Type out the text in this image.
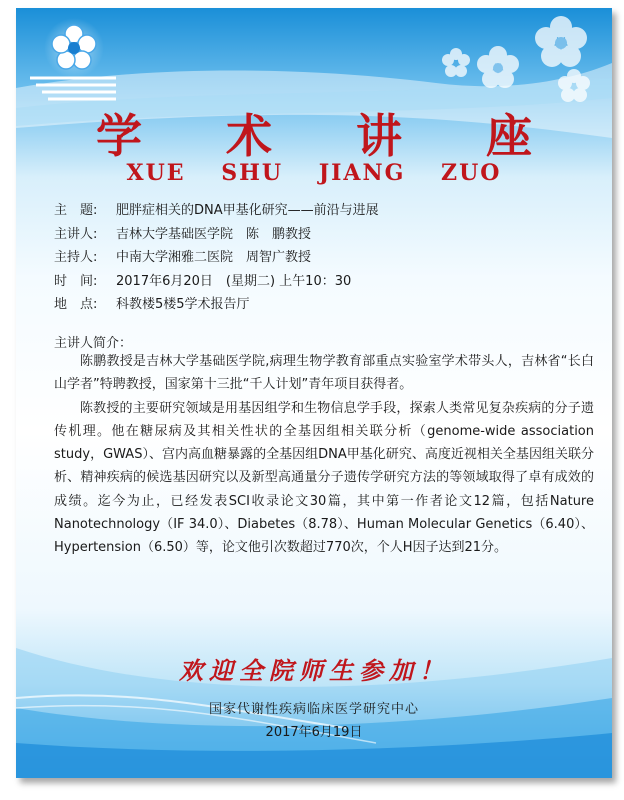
学 术 讲 座
XUE SHU JIANG ZUO
主　题: 肥胖症相关的DNA甲基化研究——前沿与进展
主讲人: 吉林大学基础医学院　陈　鹏教授
主持人: 中南大学湘雅二医院　周智广教授
时　间: 2017年6月20日　(星期二) 上午10：30
地　点: 科教楼5楼5学术报告厅
主讲人简介：

陈鹏教授是吉林大学基础医学院,病理生物学教育部重点实验室学术带头人，吉林省“长白山学者”特聘教授，国家第十三批“千人计划”青年项目获得者。

陈教授的主要研究领域是用基因组学和生物信息学手段，探索人类常见复杂疾病的分子遗传机理。他在糖尿病及其相关性状的全基因组相关联分析（genome-wide association study，GWAS）、宫内高血糖暴露的全基因组DNA甲基化研究、高度近视相关全基因组关联分析、精神疾病的候选基因研究以及新型高通量分子遗传学研究方法的等领域取得了卓有成效的成绩。迄今为止，已经发表SCI收录论文30篇，其中第一作者论文12篇，包括Nature Nanotechnology（IF 34.0）、Diabetes（8.78）、Human Molecular Genetics（6.40）、Hypertension（6.50）等，论文他引次数超过770次，个人H因子达到21分。

欢迎全院师生参加！
国家代谢性疾病临床医学研究中心
2017年6月19日
